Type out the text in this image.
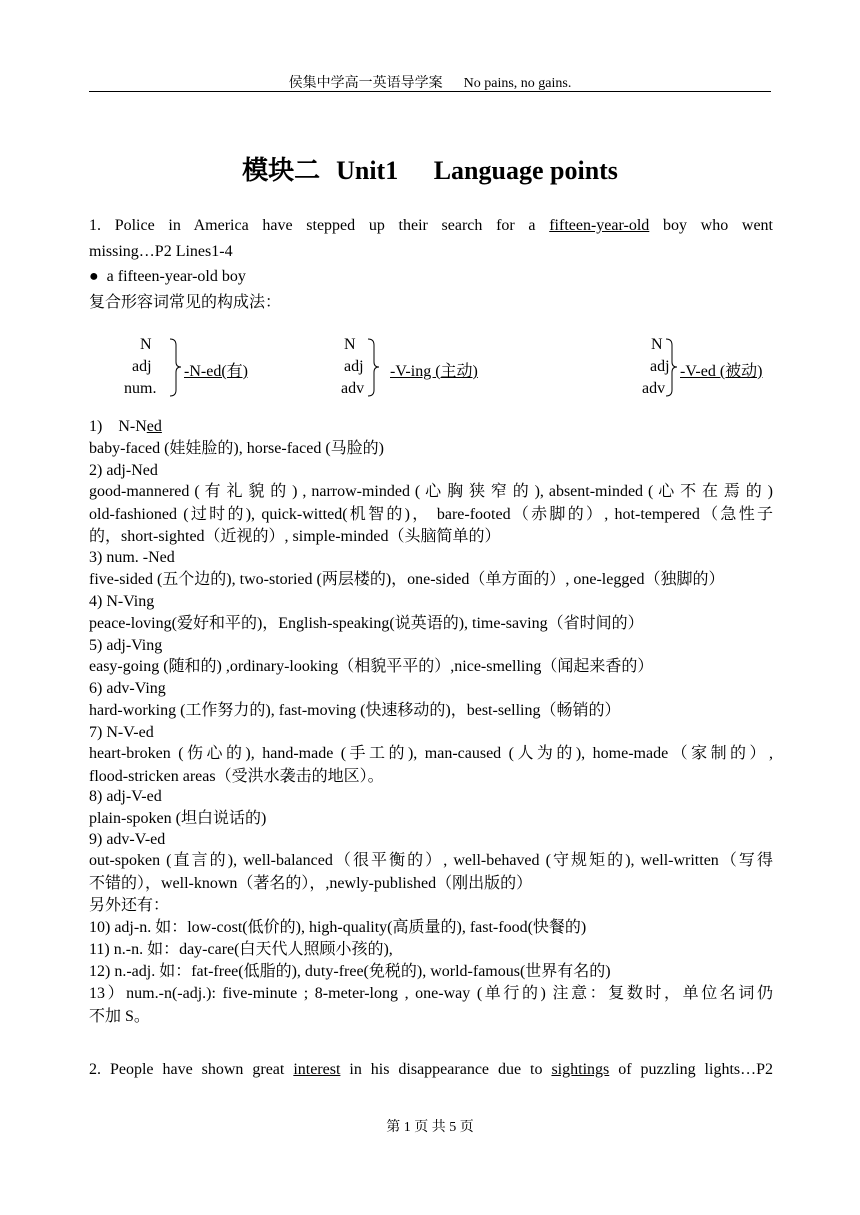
侯集中学高一英语导学案 No pains, no gains.
模块二 Unit1 Language points
1. Police in America have stepped up their search for a fifteen-year-old boy who went
missing…P2 Lines1-4
● a fifteen-year-old boy
复合形容词常见的构成法：
N
adj
num.
-N-ed(有)
N
adj
adv
-V-ing (主动)
N
adj
adv
-V-ed (被动)
1)    N-Ned
baby-faced (娃娃脸的), horse-faced (马脸的)
2) adj-Ned
good-mannered ( 有 礼 貌 的 ) , narrow-minded ( 心 胸 狭 窄 的 ), absent-minded ( 心 不 在 焉 的 )
old-fashioned (过时的), quick-witted(机智的)， bare-footed（赤脚的）, hot-tempered（急性子
的，short-sighted（近视的）, simple-minded（头脑简单的）
3) num. -Ned
five-sided (五个边的), two-storied (两层楼的)，one-sided（单方面的）, one-legged（独脚的）
4) N-Ving
peace-loving(爱好和平的)，English-speaking(说英语的), time-saving（省时间的）
5) adj-Ving
easy-going (随和的) ,ordinary-looking（相貌平平的）,nice-smelling（闻起来香的）
6) adv-Ving
hard-working (工作努力的), fast-moving (快速移动的)，best-selling（畅销的）
7) N-V-ed
heart-broken (伤心的), hand-made (手工的), man-caused (人为的), home-made（家制的）,
flood-stricken areas（受洪水袭击的地区）。
8) adj-V-ed
plain-spoken (坦白说话的)
9) adv-V-ed
out-spoken (直言的), well-balanced（很平衡的）, well-behaved (守规矩的), well-written（写得
不错的），well-known（著名的），,newly-published（刚出版的）
另外还有：
10) adj-n. 如：low-cost(低价的), high-quality(高质量的), fast-food(快餐的)
11) n.-n. 如：day-care(白天代人照顾小孩的),
12) n.-adj. 如：fat-free(低脂的), duty-free(免税的), world-famous(世界有名的)
13）num.-n(-adj.): five-minute ; 8-meter-long , one-way (单行的) 注意：复数时，单位名词仍
不加 S。
2. People have shown great interest in his disappearance due to sightings of puzzling lights…P2
第 1 页 共 5 页
